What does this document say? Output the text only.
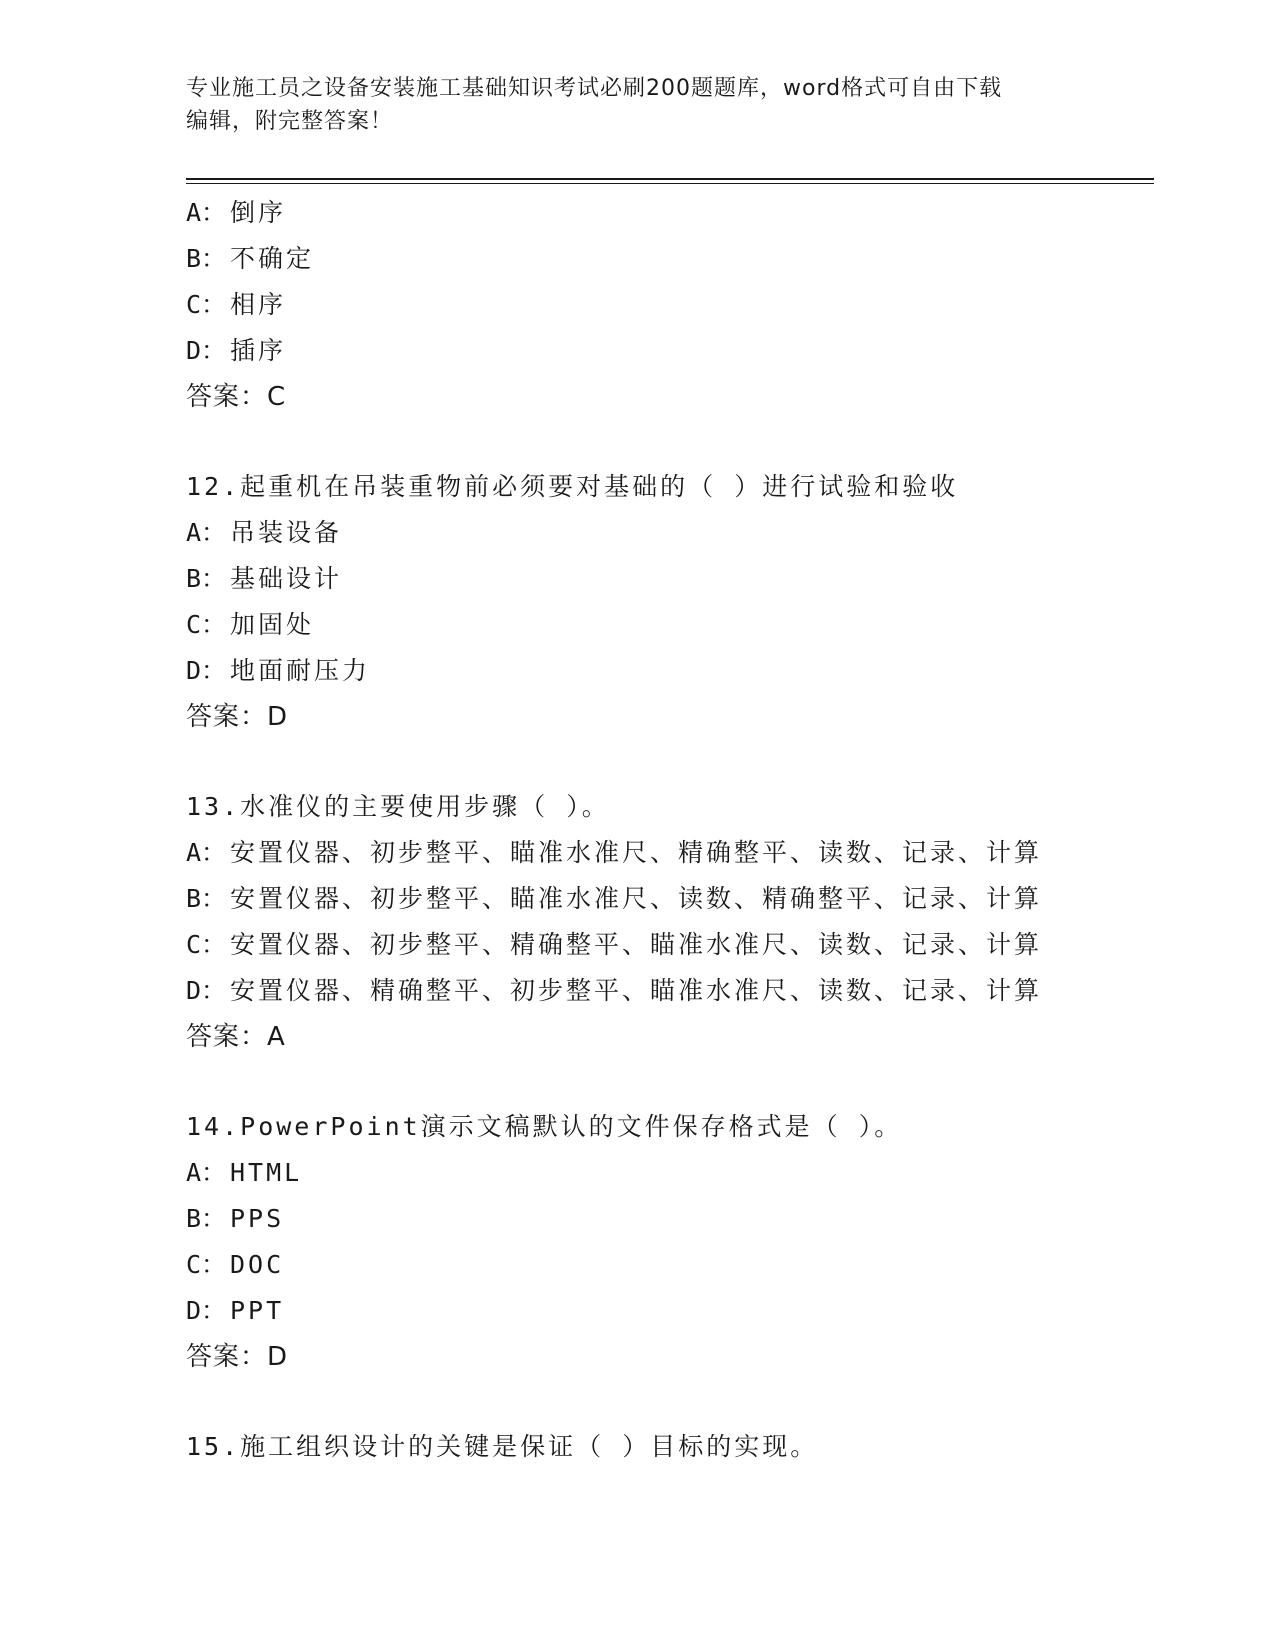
专业施工员之设备安装施工基础知识考试必刷200题题库，word格式可自由下载
编辑，附完整答案！
A： 倒序
B： 不确定
C： 相序
D： 插序
答案：C
12.起重机在吊装重物前必须要对基础的（ ）进行试验和验收
A： 吊装设备
B： 基础设计
C： 加固处
D： 地面耐压力
答案：D
13.水准仪的主要使用步骤（ ）。
A： 安置仪器、初步整平、瞄准水准尺、精确整平、读数、记录、计算
B： 安置仪器、初步整平、瞄准水准尺、读数、精确整平、记录、计算
C： 安置仪器、初步整平、精确整平、瞄准水准尺、读数、记录、计算
D： 安置仪器、精确整平、初步整平、瞄准水准尺、读数、记录、计算
答案：A
14.PowerPoint演示文稿默认的文件保存格式是（ ）。
A： HTML
B： PPS
C： DOC
D： PPT
答案：D
15.施工组织设计的关键是保证（ ）目标的实现。
